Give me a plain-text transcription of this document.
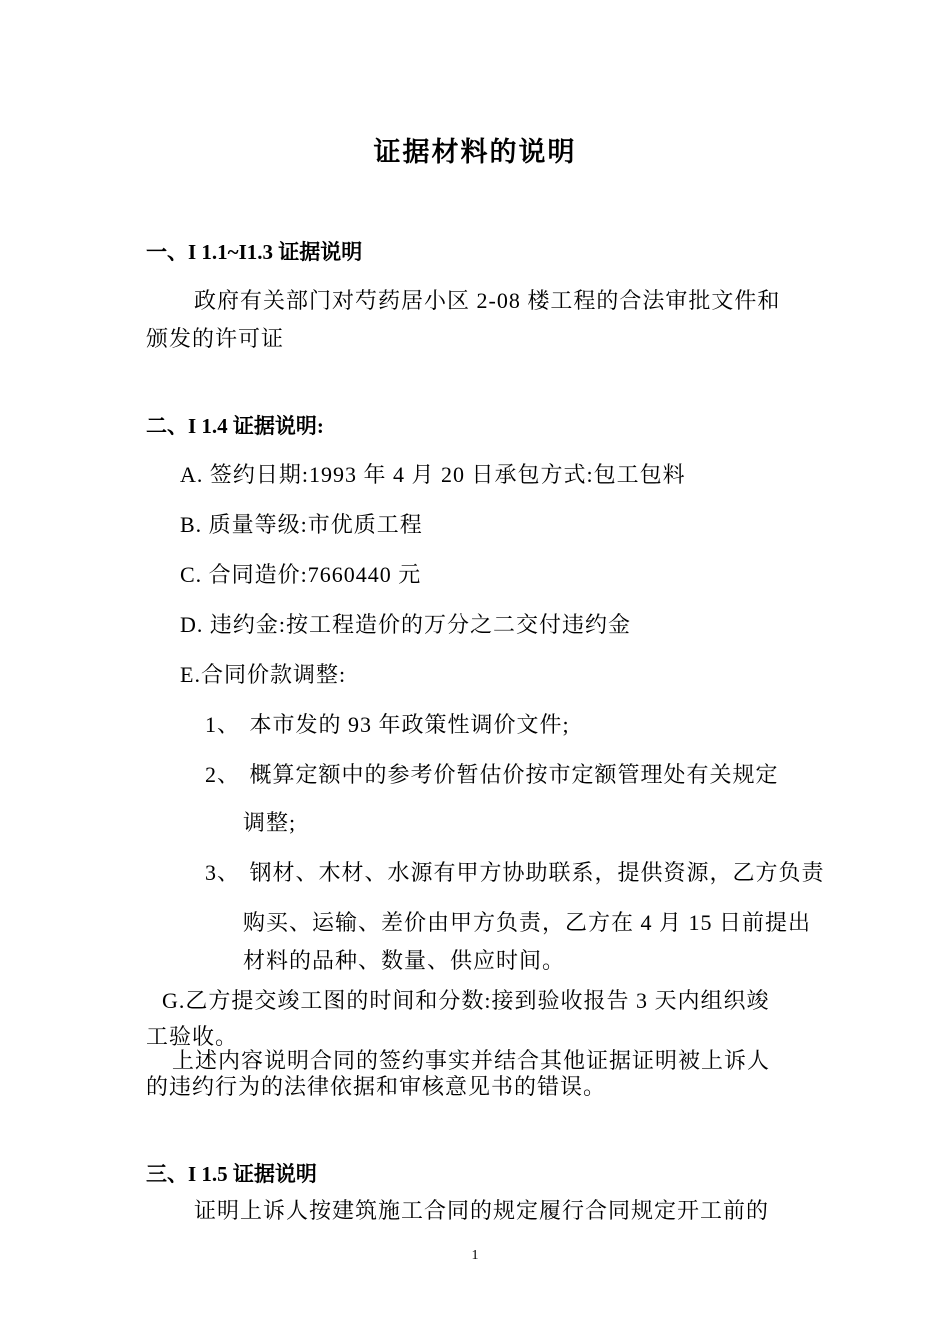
证据材料的说明
一、I 1.1~I1.3 证据说明
政府有关部门对芍药居小区 2-08 楼工程的合法审批文件和
颁发的许可证
二、I 1.4 证据说明:
A. 签约日期:1993 年 4 月 20 日承包方式:包工包料
B. 质量等级:市优质工程
C. 合同造价:7660440 元
D. 违约金:按工程造价的万分之二交付违约金
E.合同价款调整:
1、 本市发的 93 年政策性调价文件;
2、 概算定额中的参考价暂估价按市定额管理处有关规定
调整;
3、 钢材、木材、水源有甲方协助联系，提供资源，乙方负责
购买、运输、差价由甲方负责，乙方在 4 月 15 日前提出
材料的品种、数量、供应时间。
G.乙方提交竣工图的时间和分数:接到验收报告 3 天内组织竣
工验收。
上述内容说明合同的签约事实并结合其他证据证明被上诉人
的违约行为的法律依据和审核意见书的错误。
三、I 1.5 证据说明
证明上诉人按建筑施工合同的规定履行合同规定开工前的
1
